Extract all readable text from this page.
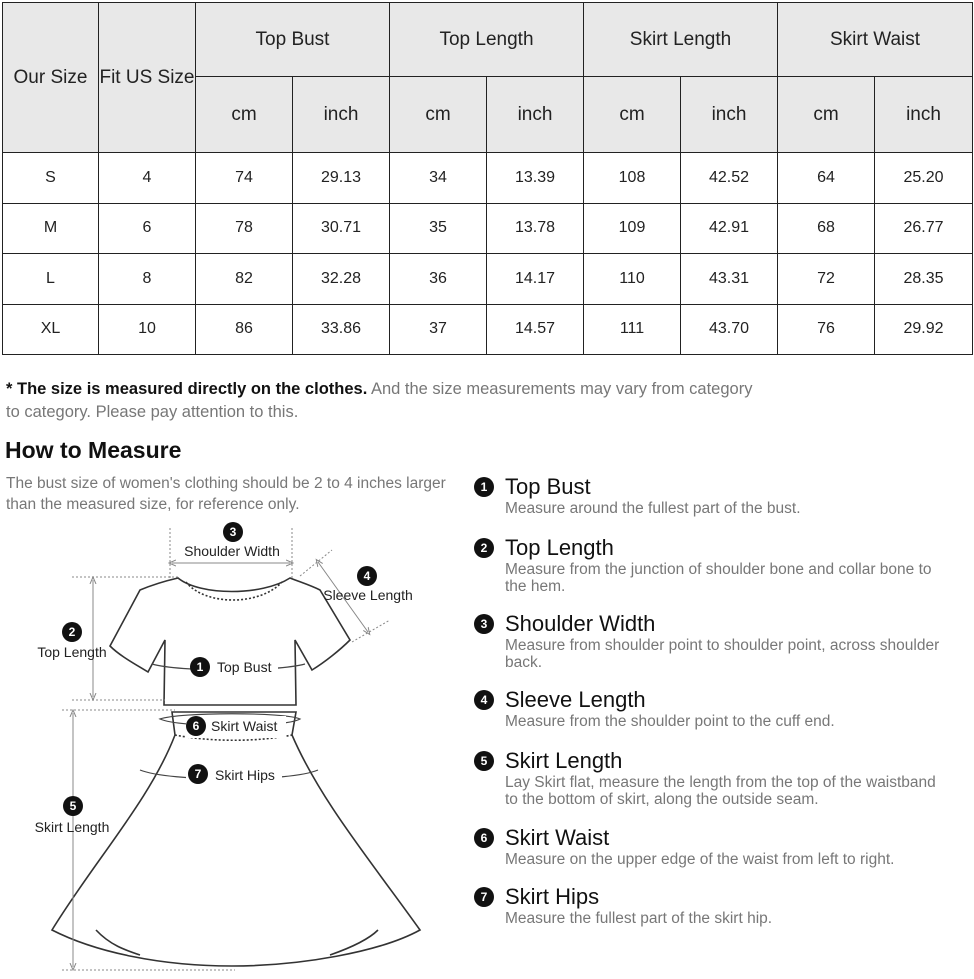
Our Size	Fit US Size	Top Bust		Top Length		Skirt Length		Skirt Waist	
		cm	inch	cm	inch	cm	inch	cm	inch
S	4	74	29.13	34	13.39	108	42.52	64	25.20
M	6	78	30.71	35	13.78	109	42.91	68	26.77
L	8	82	32.28	36	14.17	110	43.31	72	28.35
XL	10	86	33.86	37	14.57	111	43.70	76	29.92
* The size is measured directly on the clothes. And the size measurements may vary from category to category. Please pay attention to this.
How to Measure
The bust size of women's clothing should be 2 to 4 inches larger than the measured size, for reference only.
3
Shoulder Width
4
Sleeve Length
2
Top Length
1 Top Bust
6 Skirt Waist
7 Skirt Hips
5
Skirt Length
1 Top Bust
Measure around the fullest part of the bust.
2 Top Length
Measure from the junction of shoulder bone and collar bone to the hem.
3 Shoulder Width
Measure from shoulder point to shoulder point, across shoulder back.
4 Sleeve Length
Measure from the shoulder point to the cuff end.
5 Skirt Length
Lay Skirt flat, measure the length from the top of the waistband to the bottom of skirt, along the outside seam.
6 Skirt Waist
Measure on the upper edge of the waist from left to right.
7 Skirt Hips
Measure the fullest part of the skirt hip.
